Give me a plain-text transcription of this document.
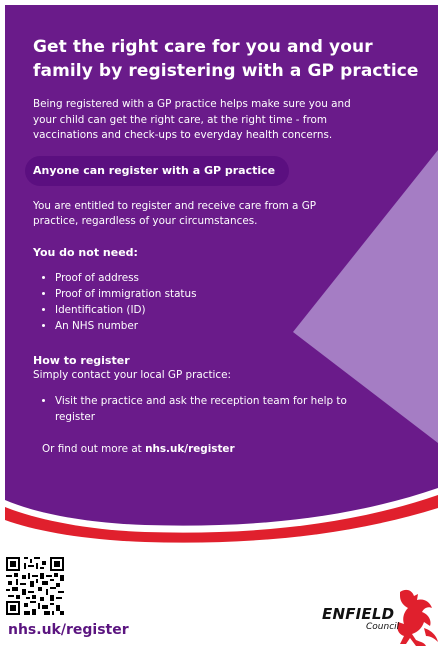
Get the right care for you and your family by registering with a GP practice

Being registered with a GP practice helps make sure you and your child can get the right care, at the right time - from vaccinations and check-ups to everyday health concerns.

Anyone can register with a GP practice

You are entitled to register and receive care from a GP practice, regardless of your circumstances.

You do not need:

• Proof of address
• Proof of immigration status
• Identification (ID)
• An NHS number

How to register

Simply contact your local GP practice:

• Visit the practice and ask the reception team for help to register

Or find out more at nhs.uk/register

nhs.uk/register
ENFIELD
Council
